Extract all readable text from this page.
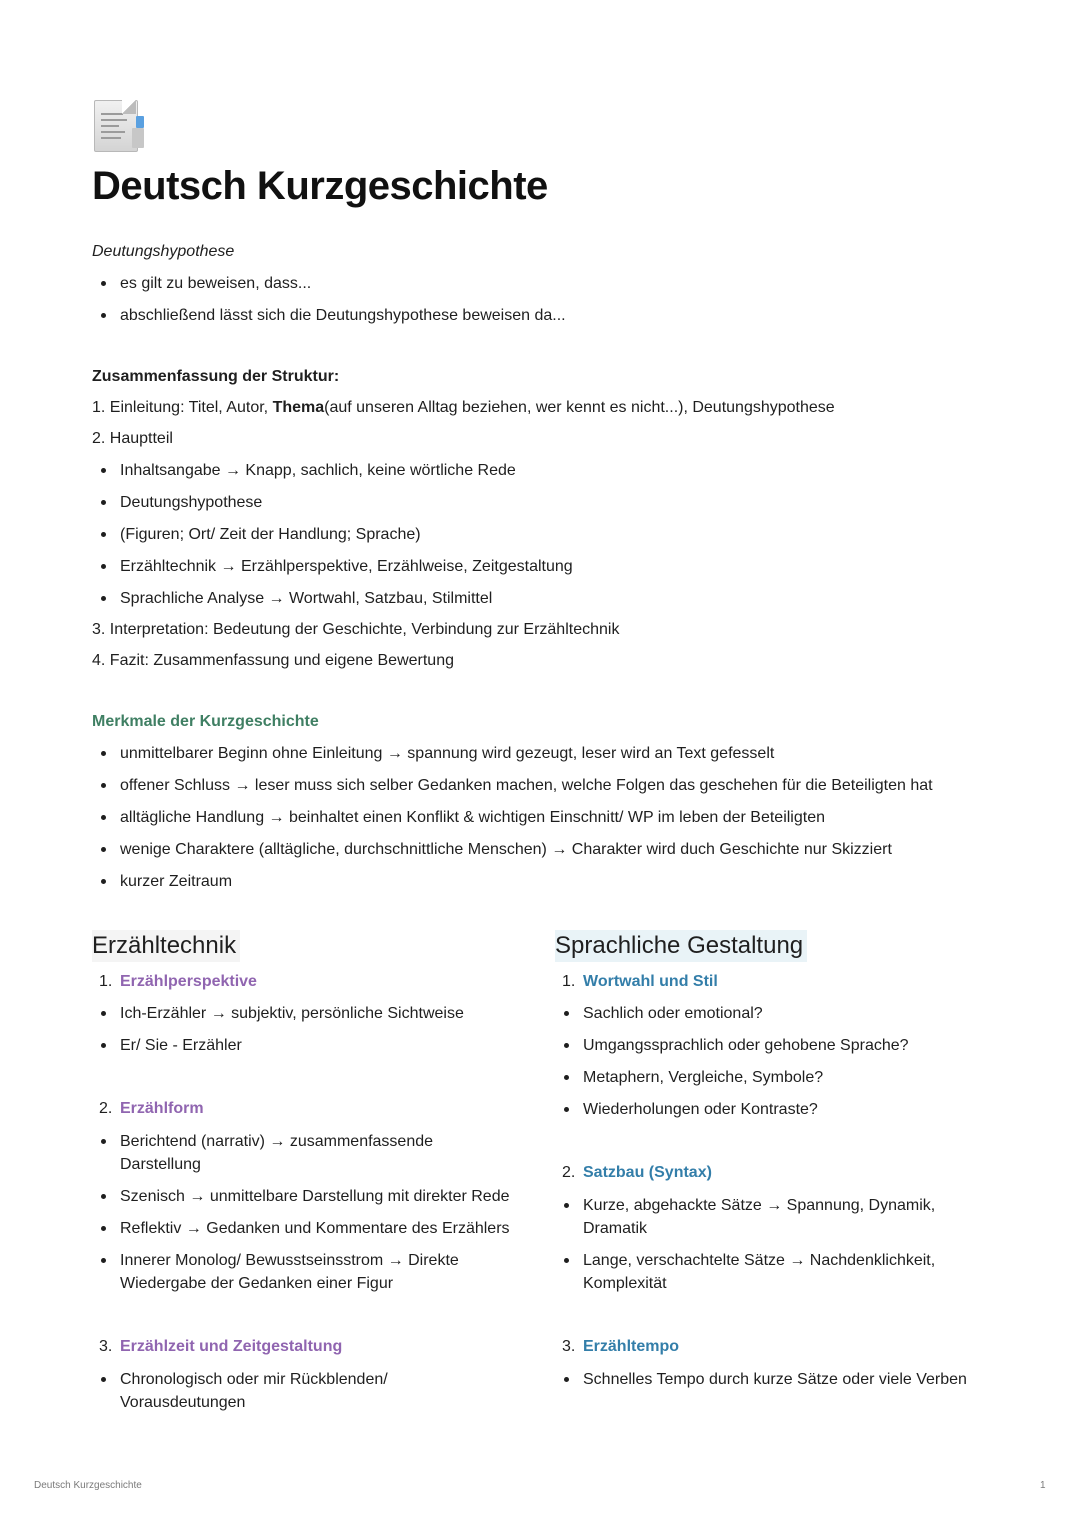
Deutsch Kurzgeschichte
Deutungshypothese
es gilt zu beweisen, dass...
abschließend lässt sich die Deutungshypothese beweisen da...
Zusammenfassung der Struktur:
1. Einleitung: Titel, Autor, Thema(auf unseren Alltag beziehen, wer kennt es nicht...), Deutungshypothese
2. Hauptteil
Inhaltsangabe → Knapp, sachlich, keine wörtliche Rede
Deutungshypothese
(Figuren; Ort/ Zeit der Handlung; Sprache)
Erzähltechnik → Erzählperspektive, Erzählweise, Zeitgestaltung
Sprachliche Analyse → Wortwahl, Satzbau, Stilmittel
3. Interpretation: Bedeutung der Geschichte, Verbindung zur Erzähltechnik
4. Fazit: Zusammenfassung und eigene Bewertung
Merkmale der Kurzgeschichte
unmittelbarer Beginn ohne Einleitung → spannung wird gezeugt, leser wird an Text gefesselt
offener Schluss → leser muss sich selber Gedanken machen, welche Folgen das geschehen für die Beteiligten hat
alltägliche Handlung → beinhaltet einen Konflikt & wichtigen Einschnitt/ WP im leben der Beteiligten
wenige Charaktere (alltägliche, durchschnittliche Menschen) → Charakter wird duch Geschichte nur Skizziert
kurzer Zeitraum
Erzähltechnik
1. Erzählperspektive
Ich-Erzähler → subjektiv, persönliche Sichtweise
Er/ Sie - Erzähler
2. Erzählform
Berichtend (narrativ) → zusammenfassende Darstellung
Szenisch → unmittelbare Darstellung mit direkter Rede
Reflektiv → Gedanken und Kommentare des Erzählers
Innerer Monolog/ Bewusstseinsstrom → Direkte Wiedergabe der Gedanken einer Figur
3. Erzählzeit und Zeitgestaltung
Chronologisch oder mir Rückblenden/ Vorausdeutungen
Sprachliche Gestaltung
1. Wortwahl und Stil
Sachlich oder emotional?
Umgangssprachlich oder gehobene Sprache?
Metaphern, Vergleiche, Symbole?
Wiederholungen oder Kontraste?
2. Satzbau (Syntax)
Kurze, abgehackte Sätze → Spannung, Dynamik, Dramatik
Lange, verschachtelte Sätze → Nachdenklichkeit, Komplexität
3. Erzähltempo
Schnelles Tempo durch kurze Sätze oder viele Verben
Deutsch Kurzgeschichte	1
